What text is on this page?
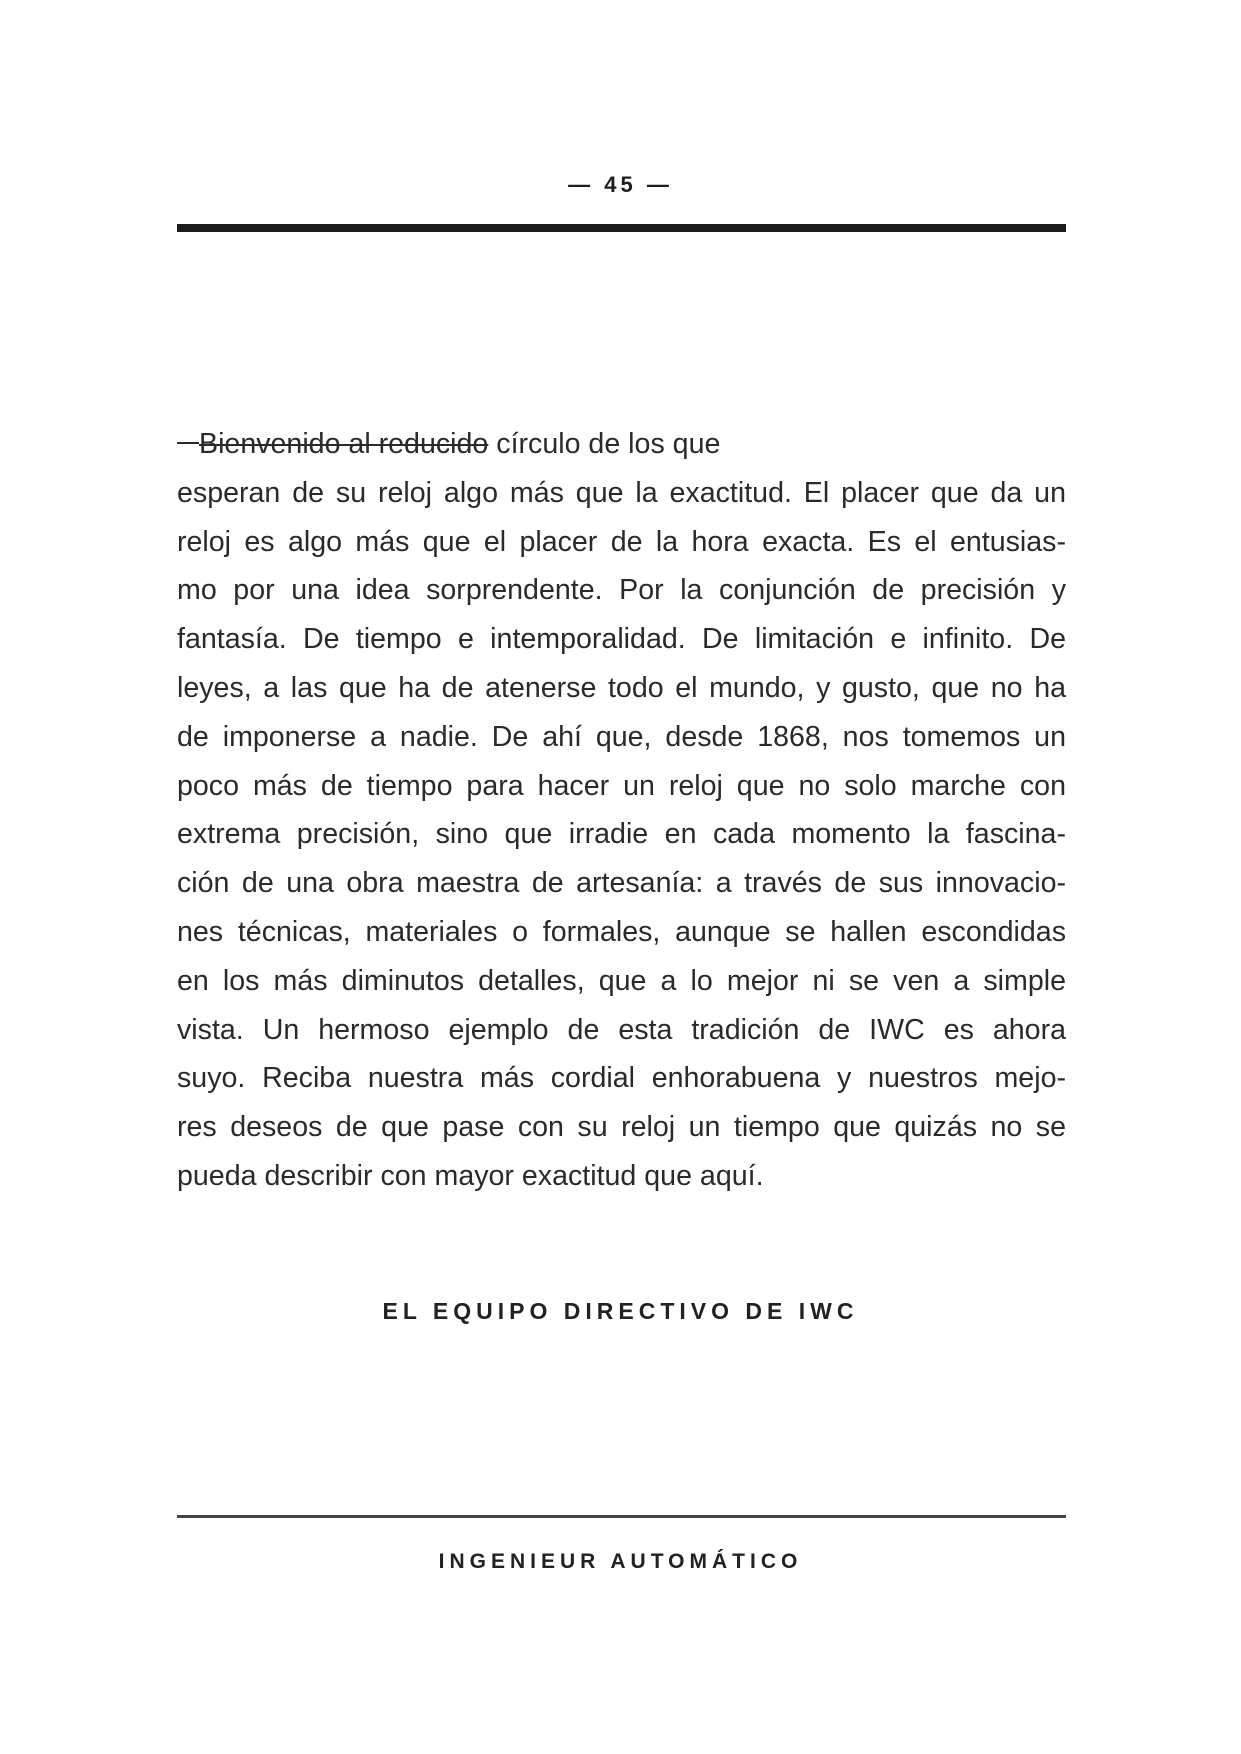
— 45 —
Bienvenido al reducido círculo de los que
esperan de su reloj algo más que la exactitud. El placer que da un
reloj es algo más que el placer de la hora exacta. Es el entusias-
mo por una idea sorprendente. Por la conjunción de precisión y
fantasía. De tiempo e intemporalidad. De limitación e infinito. De
leyes, a las que ha de atenerse todo el mundo, y gusto, que no ha
de imponerse a nadie. De ahí que, desde 1868, nos tomemos un
poco más de tiempo para hacer un reloj que no solo marche con
extrema precisión, sino que irradie en cada momento la fascina-
ción de una obra maestra de artesanía: a través de sus innovacio-
nes técnicas, materiales o formales, aunque se hallen escondidas
en los más diminutos detalles, que a lo mejor ni se ven a simple
vista. Un hermoso ejemplo de esta tradición de IWC es ahora
suyo. Reciba nuestra más cordial enhorabuena y nuestros mejo-
res deseos de que pase con su reloj un tiempo que quizás no se
pueda describir con mayor exactitud que aquí.
EL EQUIPO DIRECTIVO DE IWC
INGENIEUR AUTOMÁTICO
